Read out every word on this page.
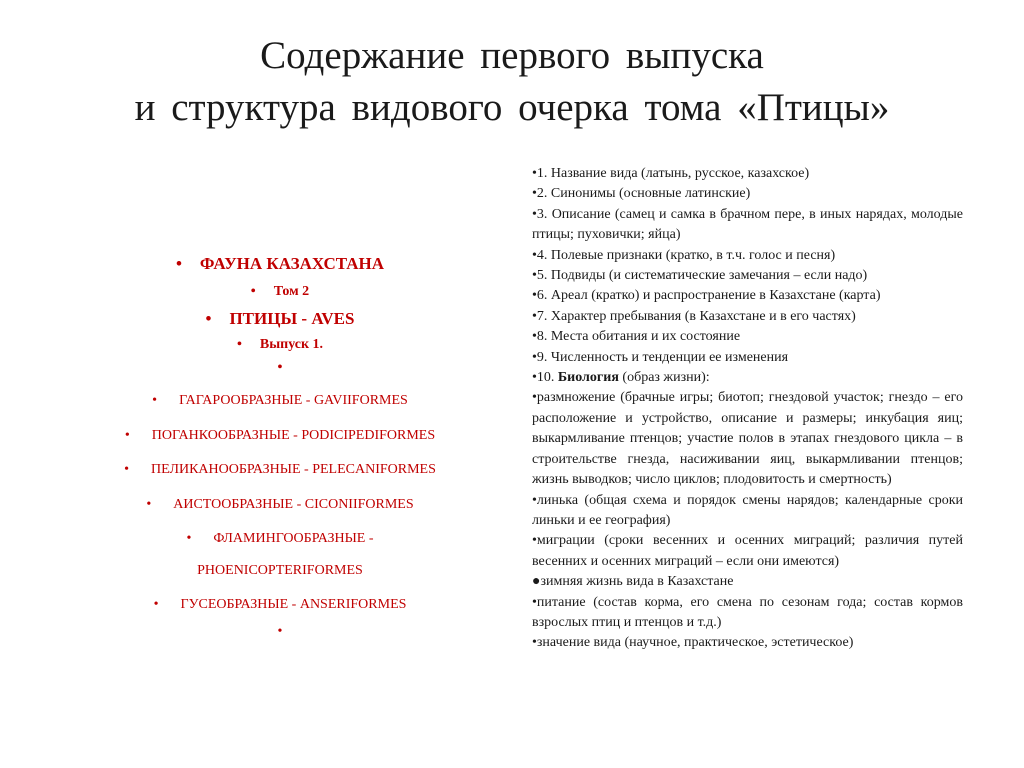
Содержание первого выпуска
и структура видового очерка тома «Птицы»
• ФАУНА КАЗАХСТАНА
• Том 2
• ПТИЦЫ - AVES
• Выпуск 1.
•
• ГАГАРООБРАЗНЫЕ - GAVIIFORMES
• ПОГАНКООБРАЗНЫЕ - PODICIPEDIFORMES
• ПЕЛИКАНООБРАЗНЫЕ - PELECANIFORMES
• АИСТООБРАЗНЫЕ - CICONIIFORMES
• ФЛАМИНГООБРАЗНЫЕ -
PHOENICOPTERIFORMES
• ГУСЕОБРАЗНЫЕ - ANSERIFORMES
•

•1. Название вида (латынь, русское, казахское)

•2. Синонимы (основные латинские)

•3. Описание (самец и самка в брачном пере, в иных нарядах, молодые птицы; пуховички; яйца)

•4. Полевые признаки (кратко, в т.ч. голос и песня)

•5. Подвиды (и систематические замечания – если надо)

•6. Ареал (кратко) и распространение в Казахстане (карта)

•7. Характер пребывания (в Казахстане и в его частях)

•8. Места обитания и их состояние

•9. Численность и тенденции ее изменения

•10. Биология (образ жизни):

•размножение (брачные игры; биотоп; гнездовой участок; гнездо – его расположение и устройство, описание и размеры; инкубация яиц; выкармливание птенцов; участие полов в этапах гнездового цикла – в строительстве гнезда, насиживании яиц, выкармливании птенцов; жизнь выводков; число циклов; плодовитость и смертность)

•линька (общая схема и порядок смены нарядов; календарные сроки линьки и ее география)

•миграции (сроки весенних и осенних миграций; различия путей весенних и осенних миграций – если они имеются)

●зимняя жизнь вида в Казахстане

•питание (состав корма, его смена по сезонам года; состав кормов взрослых птиц и птенцов и т.д.)

•значение вида (научное, практическое, эстетическое)
